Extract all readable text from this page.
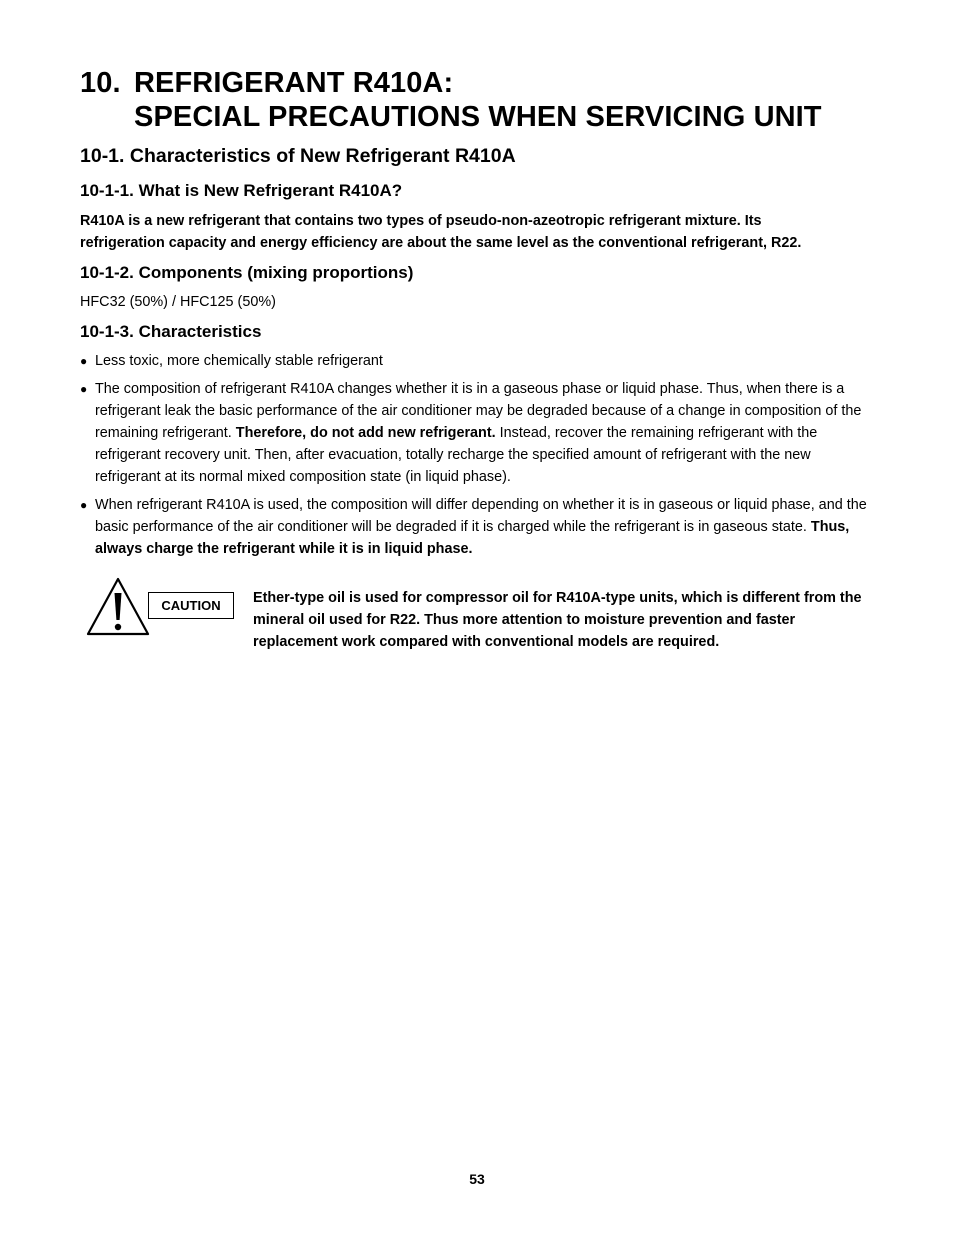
10. REFRIGERANT R410A:
SPECIAL PRECAUTIONS WHEN SERVICING UNIT
10-1. Characteristics of New Refrigerant R410A
10-1-1. What is New Refrigerant R410A?

R410A is a new refrigerant that contains two types of pseudo-non-azeotropic refrigerant mixture. Its
refrigeration capacity and energy efficiency are about the same level as the conventional refrigerant, R22.

10-1-2. Components (mixing proportions)

HFC32 (50%) / HFC125 (50%)

10-1-3. Characteristics
● Less toxic, more chemically stable refrigerant
● The composition of refrigerant R410A changes whether it is in a gaseous phase or liquid phase. Thus, when there is a refrigerant leak the basic performance of the air conditioner may be degraded because of a change in composition of the remaining refrigerant. Therefore, do not add new refrigerant. Instead, recover the remaining refrigerant with the refrigerant recovery unit. Then, after evacuation, totally recharge the specified amount of refrigerant with the new refrigerant at its normal mixed composition state (in liquid phase).
● When refrigerant R410A is used, the composition will differ depending on whether it is in gaseous or liquid phase, and the basic performance of the air conditioner will be degraded if it is charged while the refrigerant is in gaseous state. Thus, always charge the refrigerant while it is in liquid phase.
CAUTION	Ether-type oil is used for compressor oil for R410A-type units, which is different from the mineral oil used for R22. Thus more attention to moisture prevention and faster replacement work compared with conventional models are required.

53
